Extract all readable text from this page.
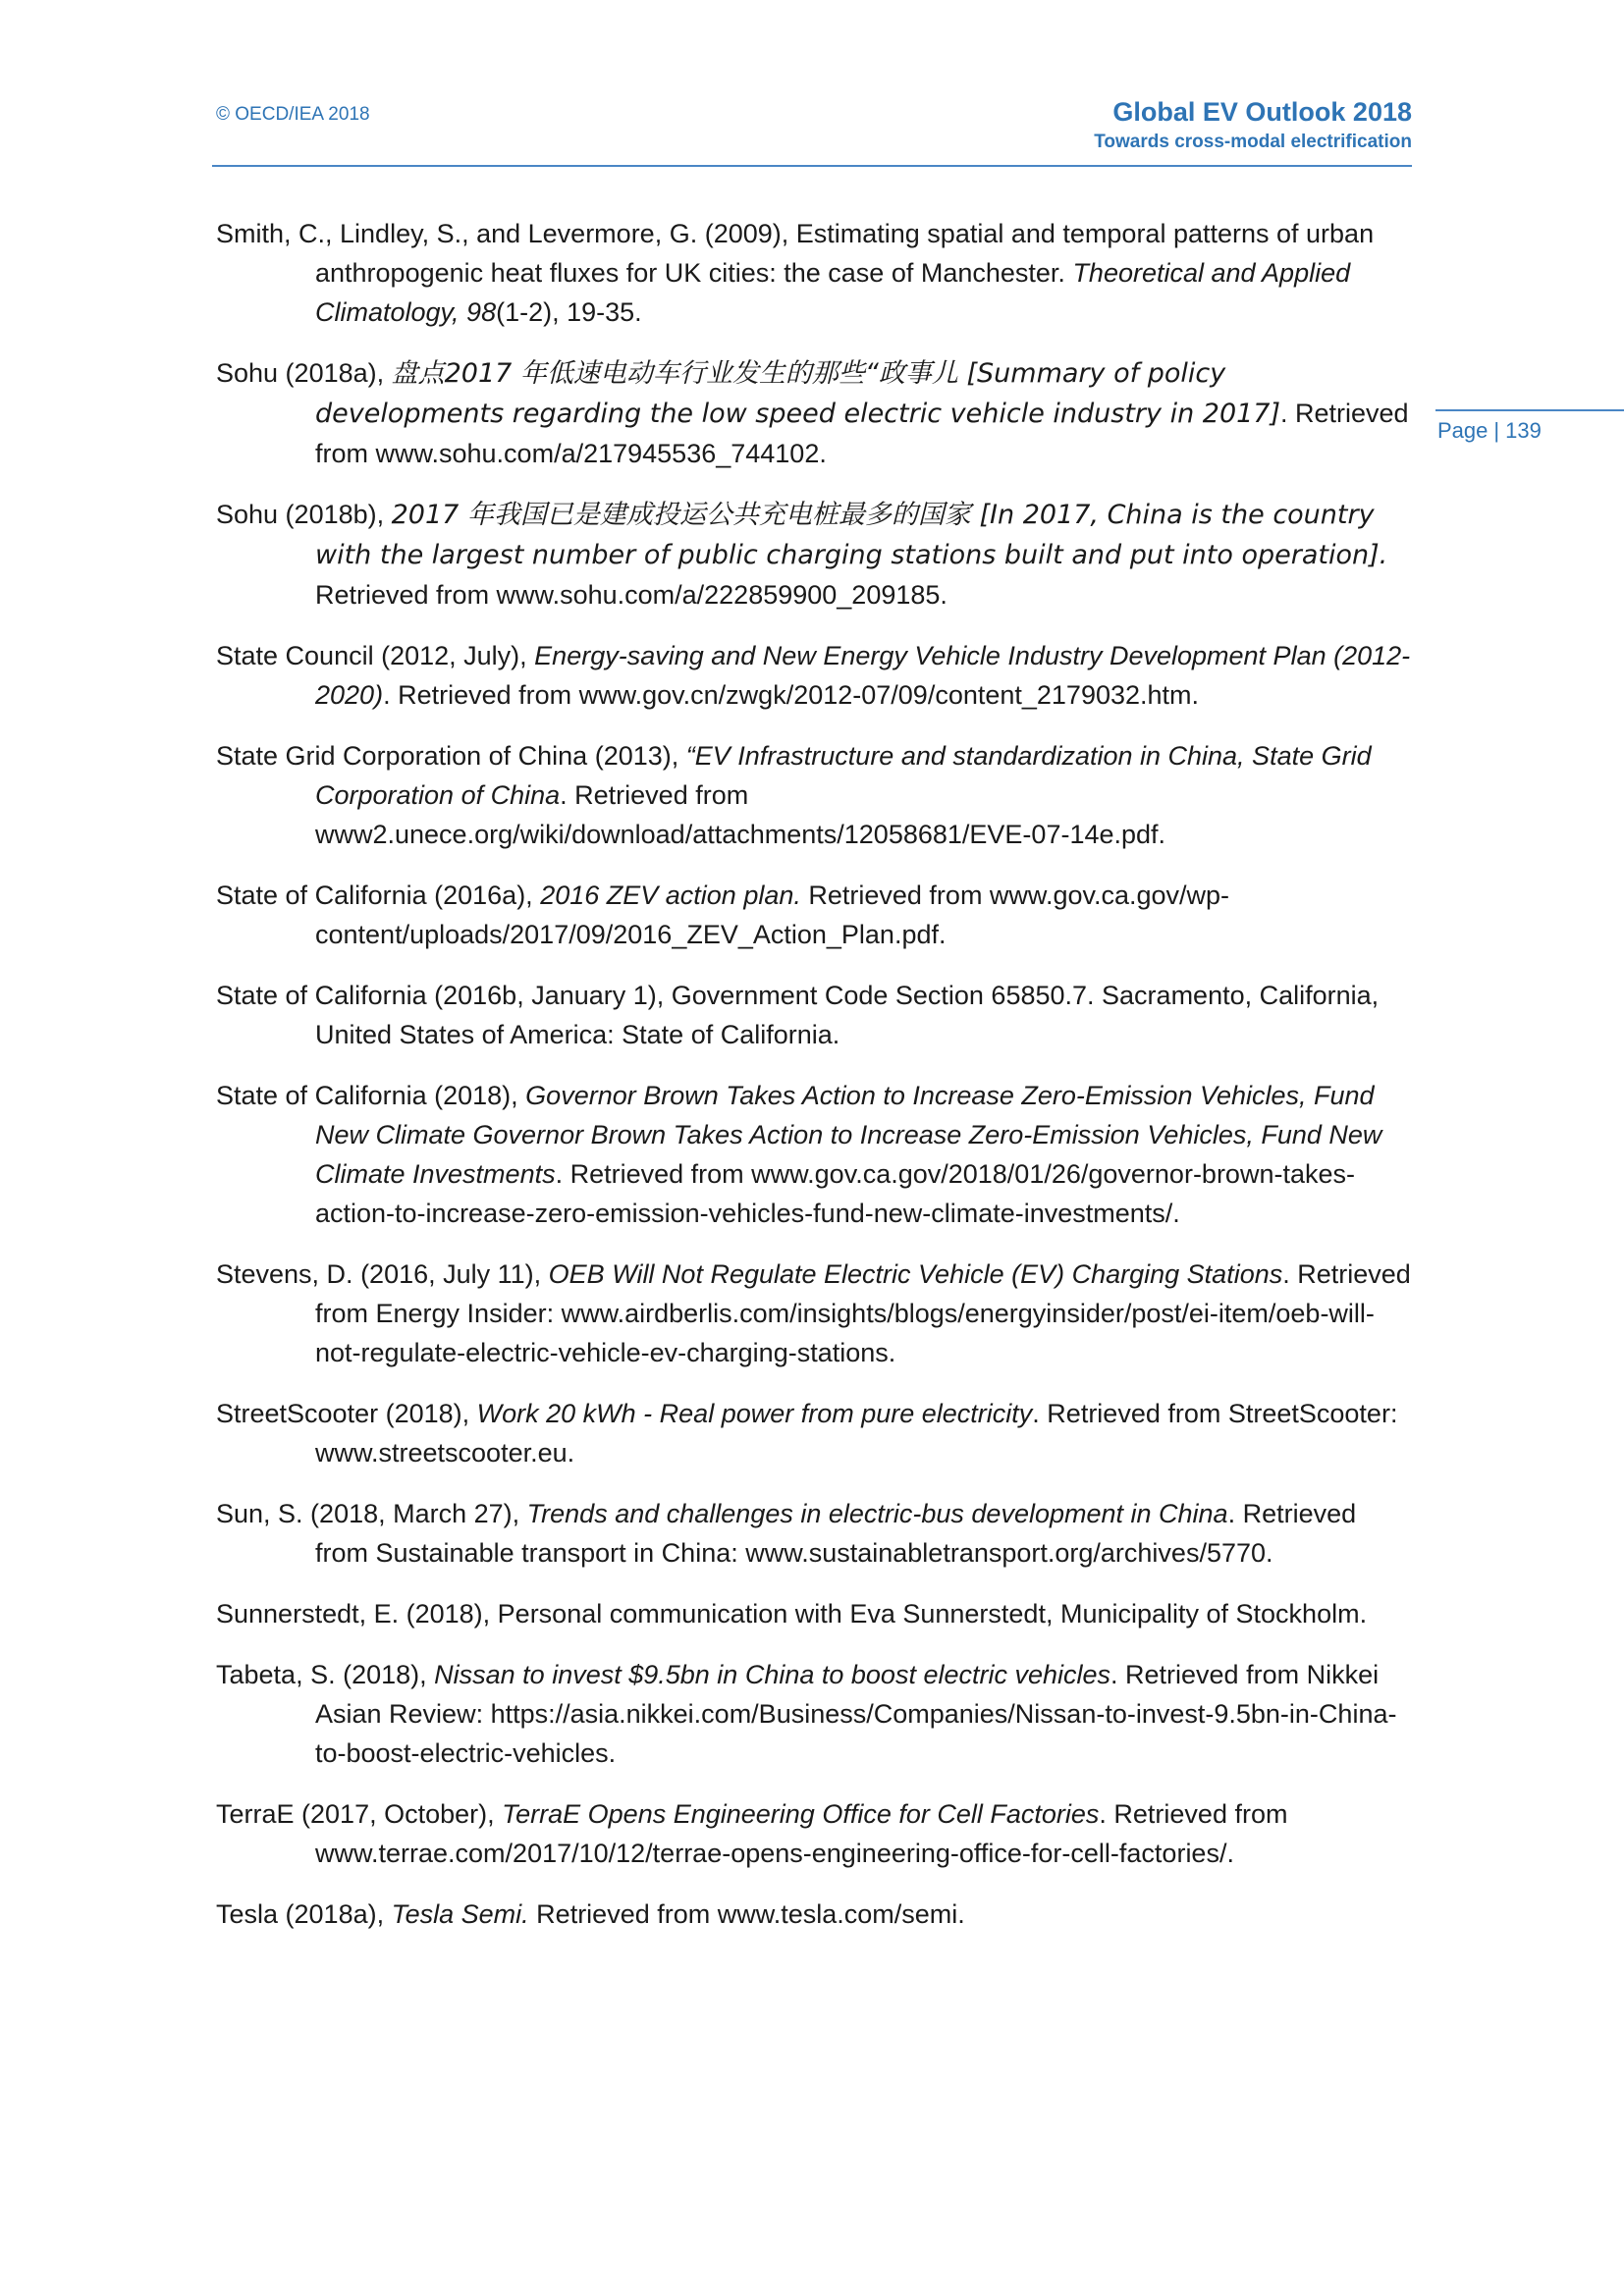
© OECD/IEA 2018	Global EV Outlook 2018
Towards cross-modal electrification
Page | 139

Smith, C., Lindley, S., and Levermore, G. (2009), Estimating spatial and temporal patterns of urban anthropogenic heat fluxes for UK cities: the case of Manchester. Theoretical and Applied Climatology, 98(1-2), 19-35.

Sohu (2018a), 盘点2017 年低速电动车行业发生的那些“政事儿 [Summary of policy developments regarding the low speed electric vehicle industry in 2017]. Retrieved from www.sohu.com/a/217945536_744102.

Sohu (2018b), 2017 年我国已是建成投运公共充电桩最多的国家 [In 2017, China is the country with the largest number of public charging stations built and put into operation]. Retrieved from www.sohu.com/a/222859900_209185.

State Council (2012, July), Energy-saving and New Energy Vehicle Industry Development Plan (2012-2020). Retrieved from www.gov.cn/zwgk/2012-07/09/content_2179032.htm.

State Grid Corporation of China (2013), “EV Infrastructure and standardization in China, State Grid Corporation of China. Retrieved from www2.unece.org/wiki/download/attachments/12058681/EVE-07-14e.pdf.

State of California (2016a), 2016 ZEV action plan. Retrieved from www.gov.ca.gov/wp-content/uploads/2017/09/2016_ZEV_Action_Plan.pdf.

State of California (2016b, January 1), Government Code Section 65850.7. Sacramento, California, United States of America: State of California.

State of California (2018), Governor Brown Takes Action to Increase Zero-Emission Vehicles, Fund New Climate Governor Brown Takes Action to Increase Zero-Emission Vehicles, Fund New Climate Investments. Retrieved from www.gov.ca.gov/2018/01/26/governor-brown-takes-action-to-increase-zero-emission-vehicles-fund-new-climate-investments/.

Stevens, D. (2016, July 11), OEB Will Not Regulate Electric Vehicle (EV) Charging Stations. Retrieved from Energy Insider: www.airdberlis.com/insights/blogs/energyinsider/post/ei-item/oeb-will-not-regulate-electric-vehicle-ev-charging-stations.

StreetScooter (2018), Work 20 kWh - Real power from pure electricity. Retrieved from StreetScooter: www.streetscooter.eu.

Sun, S. (2018, March 27), Trends and challenges in electric-bus development in China. Retrieved from Sustainable transport in China: www.sustainabletransport.org/archives/5770.

Sunnerstedt, E. (2018), Personal communication with Eva Sunnerstedt, Municipality of Stockholm.

Tabeta, S. (2018), Nissan to invest $9.5bn in China to boost electric vehicles. Retrieved from Nikkei Asian Review: https://asia.nikkei.com/Business/Companies/Nissan-to-invest-9.5bn-in-China-to-boost-electric-vehicles.

TerraE (2017, October), TerraE Opens Engineering Office for Cell Factories. Retrieved from www.terrae.com/2017/10/12/terrae-opens-engineering-office-for-cell-factories/.

Tesla (2018a), Tesla Semi. Retrieved from www.tesla.com/semi.
